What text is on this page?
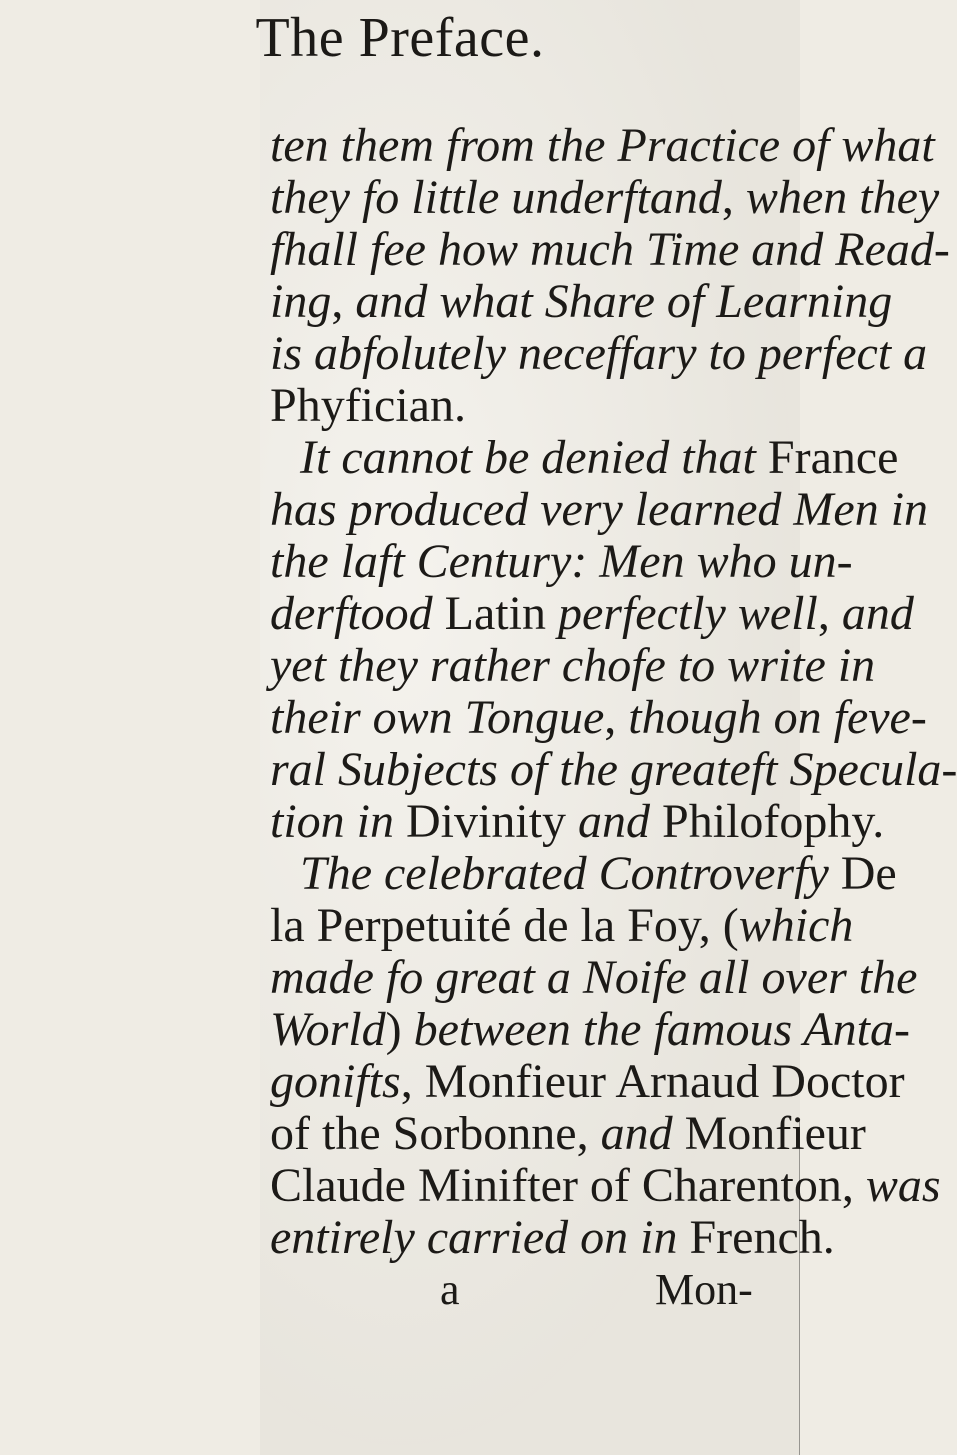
The Preface.
ten them from the Practice of what
they fo little underftand, when they
fhall fee how much Time and Read-
ing, and what Share of Learning
is abfolutely neceffary to perfect a
Phyfician.
It cannot be denied that France
has produced very learned Men in
the laft Century: Men who un-
derftood Latin perfectly well, and
yet they rather chofe to write in
their own Tongue, though on feve-
ral Subjects of the greateft Specula-
tion in Divinity and Philofophy.
The celebrated Controverfy De
la Perpetuité de la Foy, (which
made fo great a Noife all over the
World) between the famous Anta-
gonifts, Monfieur Arnaud Doctor
of the Sorbonne, and Monfieur
Claude Minifter of Charenton, was
entirely carried on in French.
a	Mon-
